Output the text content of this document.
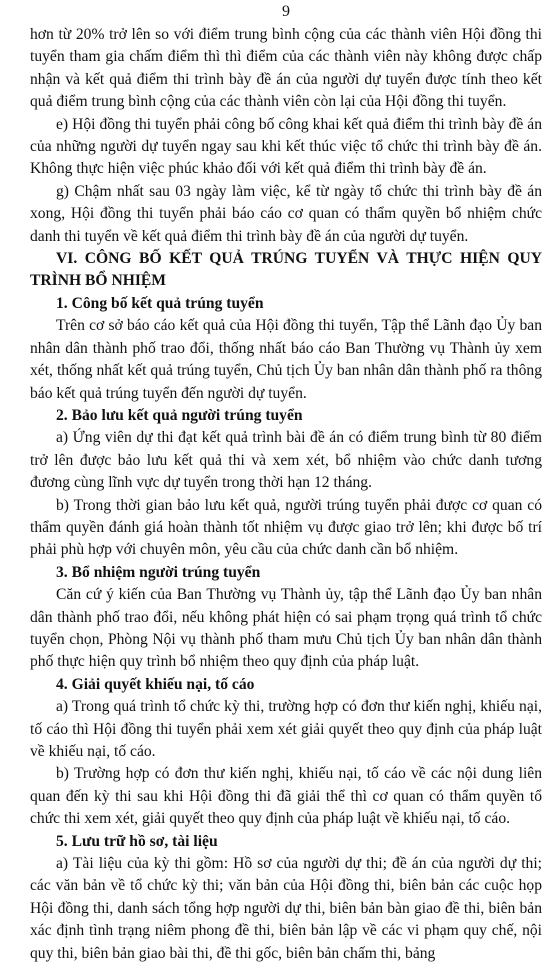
9

hơn từ 20% trở lên so với điểm trung bình cộng của các thành viên Hội đồng thi tuyển tham gia chấm điểm thì thì điểm của các thành viên này không được chấp nhận và kết quả điểm thi trình bày đề án của người dự tuyển được tính theo kết quả điểm trung bình cộng của các thành viên còn lại của Hội đồng thi tuyển.

e) Hội đồng thi tuyển phải công bố công khai kết quả điểm thi trình bày đề án của những người dự tuyển ngay sau khi kết thúc việc tổ chức thi trình bày đề án. Không thực hiện việc phúc khảo đối với kết quả điểm thi trình bày đề án.

g) Chậm nhất sau 03 ngày làm việc, kể từ ngày tổ chức thi trình bày đề án xong, Hội đồng thi tuyển phải báo cáo cơ quan có thẩm quyền bổ nhiệm chức danh thi tuyển về kết quả điểm thi trình bày đề án của người dự tuyển.

VI. CÔNG BỐ KẾT QUẢ TRÚNG TUYỂN VÀ THỰC HIỆN QUY TRÌNH BỔ NHIỆM

1. Công bố kết quả trúng tuyển

Trên cơ sở báo cáo kết quả của Hội đồng thi tuyển, Tập thể Lãnh đạo Ủy ban nhân dân thành phố trao đổi, thống nhất báo cáo Ban Thường vụ Thành ủy xem xét, thống nhất kết quả trúng tuyển, Chủ tịch Ủy ban nhân dân thành phố ra thông báo kết quả trúng tuyển đến người dự tuyển.

2. Bảo lưu kết quả người trúng tuyển

a) Ứng viên dự thi đạt kết quả trình bài đề án có điểm trung bình từ 80 điểm trở lên được bảo lưu kết quả thi và xem xét, bổ nhiệm vào chức danh tương đương cùng lĩnh vực dự tuyển trong thời hạn 12 tháng.

b) Trong thời gian bảo lưu kết quả, người trúng tuyển phải được cơ quan có thẩm quyền đánh giá hoàn thành tốt nhiệm vụ được giao trở lên; khi được bố trí phải phù hợp với chuyên môn, yêu cầu của chức danh cần bổ nhiệm.

3. Bổ nhiệm người trúng tuyển

Căn cứ ý kiến của Ban Thường vụ Thành ủy, tập thể Lãnh đạo Ủy ban nhân dân thành phố trao đổi, nếu không phát hiện có sai phạm trọng quá trình tổ chức tuyển chọn, Phòng Nội vụ thành phố tham mưu Chủ tịch Ủy ban nhân dân thành phố thực hiện quy trình bổ nhiệm theo quy định của pháp luật.

4. Giải quyết khiếu nại, tố cáo

a) Trong quá trình tổ chức kỳ thi, trường hợp có đơn thư kiến nghị, khiếu nại, tố cáo thì Hội đồng thi tuyển phải xem xét giải quyết theo quy định của pháp luật về khiếu nại, tố cáo.

b) Trường hợp có đơn thư kiến nghị, khiếu nại, tố cáo về các nội dung liên quan đến kỳ thi sau khi Hội đồng thi đã giải thể thì cơ quan có thẩm quyền tổ chức thi xem xét, giải quyết theo quy định của pháp luật về khiếu nại, tố cáo.

5. Lưu trữ hồ sơ, tài liệu

a) Tài liệu của kỳ thi gồm: Hồ sơ của người dự thi; đề án của người dự thi; các văn bản về tổ chức kỳ thi; văn bản của Hội đồng thi, biên bản các cuộc họp Hội đồng thi, danh sách tổng hợp người dự thi, biên bản bàn giao đề thi, biên bản xác định tình trạng niêm phong đề thi, biên bản lập về các vi phạm quy chế, nội quy thi, biên bản giao bài thi, đề thi gốc, biên bản chấm thi, bảng
